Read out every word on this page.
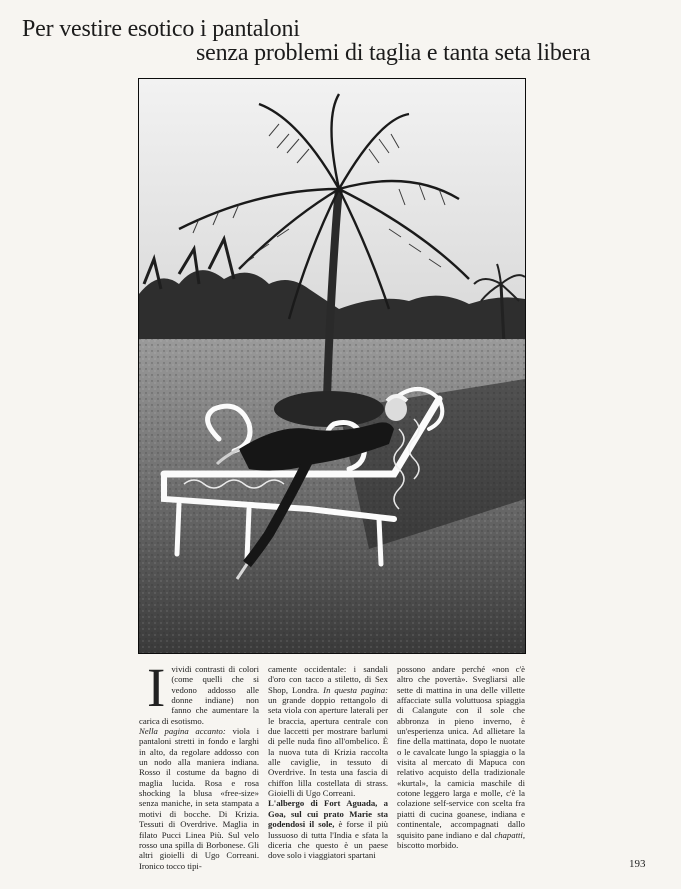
Per vestire esotico i pantaloni
senza problemi di taglia e tanta seta libera

Ivividi contrasti di colori (come quelli che si vedono addosso alle donne indiane) non fanno che aumentare la carica di esotismo.

Nella pagina accanto: viola i pantaloni stretti in fondo e larghi in alto, da regolare addosso con un nodo alla maniera indiana. Rosso il costume da bagno di maglia lucida. Rosa e rosa shocking la blusa «free-size» senza maniche, in seta stampata a motivi di bocche. Di Krizia. Tessuti di Overdrive. Maglia in filato Pucci Linea Più. Sul velo rosso una spilla di Borbonese. Gli altri gioielli di Ugo Correani. Ironico tocco tipi-

camente occidentale: i sandali d'oro con tacco a stiletto, di Sex Shop, Londra. In questa pagina: un grande doppio rettangolo di seta viola con aperture laterali per le braccia, apertura centrale con due laccetti per mostrare barlumi di pelle nuda fino all'ombelico. È la nuova tuta di Krizia raccolta alle caviglie, in tessuto di Overdrive. In testa una fascia di chiffon lilla costellata di strass. Gioielli di Ugo Correani.

L'albergo di Fort Aguada, a Goa, sul cui prato Marie sta godendosi il sole, è forse il più lussuoso di tutta l'India e sfata la diceria che questo è un paese dove solo i viaggiatori spartani

possono andare perché «non c'è altro che povertà». Svegliarsi alle sette di mattina in una delle villette affacciate sulla voluttuosa spiaggia di Calangute con il sole che abbronza in pieno inverno, è un'esperienza unica. Ad allietare la fine della mattinata, dopo le nuotate o le cavalcate lungo la spiaggia o la visita al mercato di Mapuca con relativo acquisto della tradizionale «kurtal», la camicia maschile di cotone leggero larga e molle, c'è la colazione self-service con scelta fra piatti di cucina goanese, indiana e continentale, accompagnati dallo squisito pane indiano e dal chapatti, biscotto morbido.

193
